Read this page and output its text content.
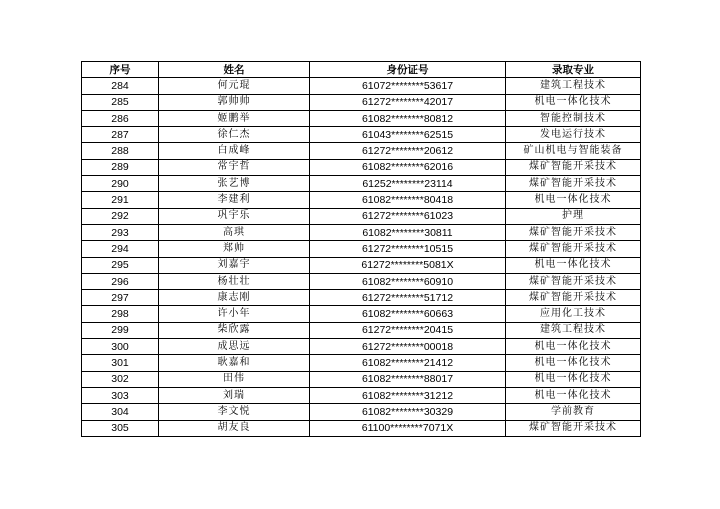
序号	姓名	身份证号	录取专业
284	何元琨	61072********53617	建筑工程技术
285	郭帅帅	61272********42017	机电一体化技术
286	姬鹏举	61082********80812	智能控制技术
287	徐仁杰	61043********62515	发电运行技术
288	白成峰	61272********20612	矿山机电与智能装备
289	常宇哲	61082********62016	煤矿智能开采技术
290	张艺博	61252********23114	煤矿智能开采技术
291	李建利	61082********80418	机电一体化技术
292	巩宇乐	61272********61023	护理
293	高琪	61082********30811	煤矿智能开采技术
294	郑帅	61272********10515	煤矿智能开采技术
295	刘嘉宇	61272********5081X	机电一体化技术
296	杨壮壮	61082********60910	煤矿智能开采技术
297	康志刚	61272********51712	煤矿智能开采技术
298	许小年	61082********60663	应用化工技术
299	柴欣露	61272********20415	建筑工程技术
300	成思远	61272********00018	机电一体化技术
301	耿嘉和	61082********21412	机电一体化技术
302	田伟	61082********88017	机电一体化技术
303	刘瑞	61082********31212	机电一体化技术
304	李文悦	61082********30329	学前教育
305	胡友良	61100********7071X	煤矿智能开采技术
